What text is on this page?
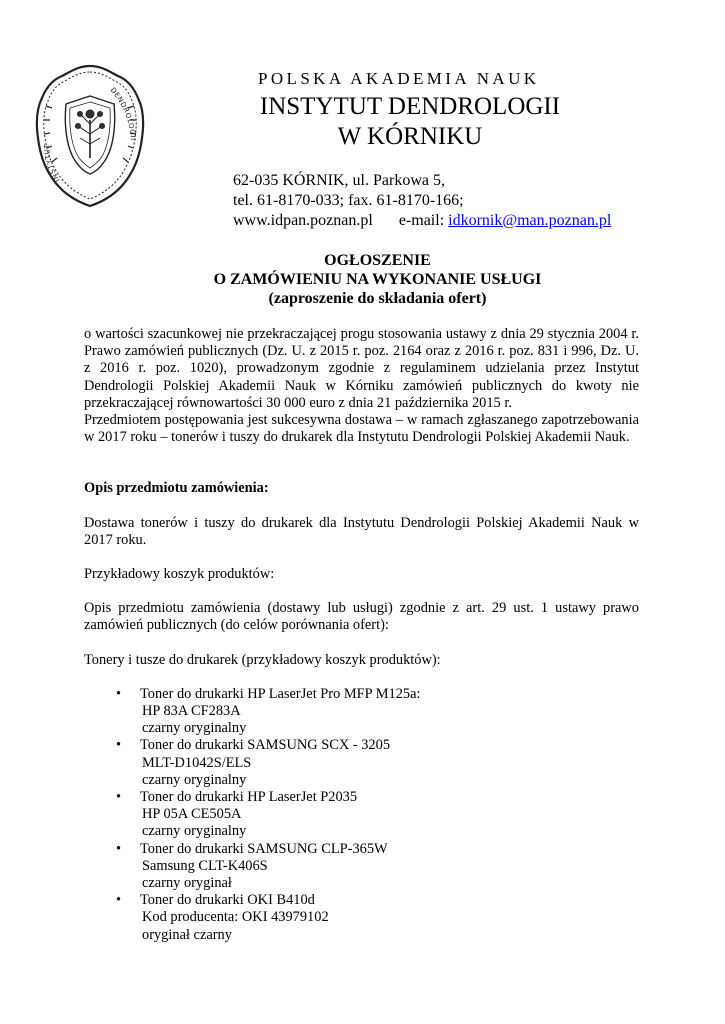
INSTYTUT
DENDROLOGII
POLSKA AKADEMIA NAUK
INSTYTUT DENDROLOGII
W KÓRNIKU
62-035 KÓRNIK, ul. Parkowa 5,
tel. 61-8170-033; fax. 61-8170-166;
www.idpan.poznan.pl e-mail: idkornik@man.poznan.pl
OGŁOSZENIE
O ZAMÓWIENIU NA WYKONANIE USŁUGI
(zaproszenie do składania ofert)

o wartości szacunkowej nie przekraczającej progu stosowania ustawy z dnia 29 stycznia 2004 r. Prawo zamówień publicznych (Dz. U. z 2015 r. poz. 2164 oraz z 2016 r. poz. 831 i 996, Dz. U. z 2016 r. poz. 1020), prowadzonym zgodnie z regulaminem udzielania przez Instytut Dendrologii Polskiej Akademii Nauk w Kórniku zamówień publicznych do kwoty nie przekraczającej równowartości 30 000 euro z dnia 21 października 2015 r.

Przedmiotem postępowania jest sukcesywna dostawa – w ramach zgłaszanego zapotrzebowania w 2017 roku – tonerów i tuszy do drukarek dla Instytutu Dendrologii Polskiej Akademii Nauk.

Opis przedmiotu zamówienia:

Dostawa tonerów i tuszy do drukarek dla Instytutu Dendrologii Polskiej Akademii Nauk w 2017 roku.

Przykładowy koszyk produktów:

Opis przedmiotu zamówienia (dostawy lub usługi) zgodnie z art. 29 ust. 1 ustawy prawo zamówień publicznych (do celów porównania ofert):

Tonery i tusze do drukarek (przykładowy koszyk produktów):

• Toner do drukarki HP LaserJet Pro MFP M125a:
HP 83A CF283A
czarny oryginalny
• Toner do drukarki SAMSUNG SCX - 3205
MLT-D1042S/ELS
czarny oryginalny
• Toner do drukarki HP LaserJet P2035
HP 05A CE505A
czarny oryginalny
• Toner do drukarki SAMSUNG CLP-365W
Samsung CLT-K406S
czarny oryginał
• Toner do drukarki OKI B410d
Kod producenta: OKI 43979102
oryginał czarny
